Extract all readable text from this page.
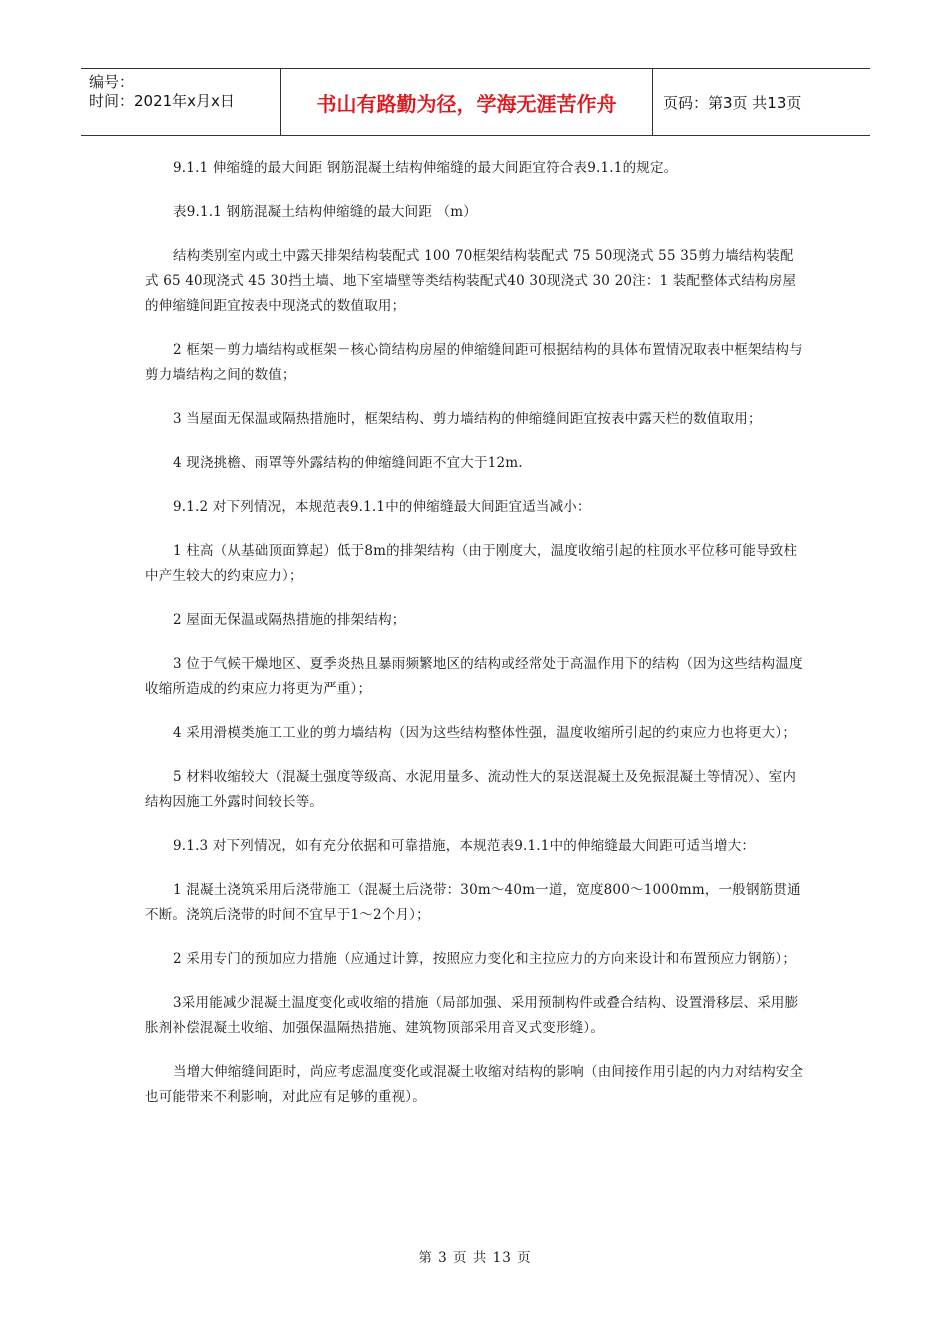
编号：
时间：2021年x月x日	书山有路勤为径，学海无涯苦作舟	页码：第3页 共13页

9.1.1 伸缩缝的最大间距 钢筋混凝土结构伸缩缝的最大间距宜符合表9.1.1的规定。

表9.1.1 钢筋混凝土结构伸缩缝的最大间距 （m）

结构类别室内或土中露天排架结构装配式 100 70框架结构装配式 75 50现浇式 55 35剪力墙结构装配式 65 40现浇式 45 30挡土墙、地下室墙壁等类结构装配式40 30现浇式 30 20注：1 装配整体式结构房屋的伸缩缝间距宜按表中现浇式的数值取用；

2 框架－剪力墙结构或框架－核心筒结构房屋的伸缩缝间距可根据结构的具体布置情况取表中框架结构与剪力墙结构之间的数值；

3 当屋面无保温或隔热措施时，框架结构、剪力墙结构的伸缩缝间距宜按表中露天栏的数值取用；

4 现浇挑檐、雨罩等外露结构的伸缩缝间距不宜大于12m.

9.1.2 对下列情况，本规范表9.1.1中的伸缩缝最大间距宜适当减小：

1 柱高（从基础顶面算起）低于8m的排架结构（由于刚度大，温度收缩引起的柱顶水平位移可能导致柱中产生较大的约束应力）；

2 屋面无保温或隔热措施的排架结构；

3 位于气候干燥地区、夏季炎热且暴雨频繁地区的结构或经常处于高温作用下的结构（因为这些结构温度收缩所造成的约束应力将更为严重）；

4 采用滑模类施工工业的剪力墙结构（因为这些结构整体性强，温度收缩所引起的约束应力也将更大）；

5 材料收缩较大（混凝土强度等级高、水泥用量多、流动性大的泵送混凝土及免振混凝土等情况）、室内结构因施工外露时间较长等。

9.1.3 对下列情况，如有充分依据和可靠措施，本规范表9.1.1中的伸缩缝最大间距可适当增大：

1 混凝土浇筑采用后浇带施工（混凝土后浇带：30m～40m一道，宽度800～1000mm，一般钢筋贯通不断。浇筑后浇带的时间不宜早于1～2个月）；

2 采用专门的预加应力措施（应通过计算，按照应力变化和主拉应力的方向来设计和布置预应力钢筋）；

3采用能减少混凝土温度变化或收缩的措施（局部加强、采用预制构件或叠合结构、设置滑移层、采用膨胀剂补偿混凝土收缩、加强保温隔热措施、建筑物顶部采用音叉式变形缝）。

当增大伸缩缝间距时，尚应考虑温度变化或混凝土收缩对结构的影响（由间接作用引起的内力对结构安全也可能带来不利影响，对此应有足够的重视）。

第 3 页 共 13 页
